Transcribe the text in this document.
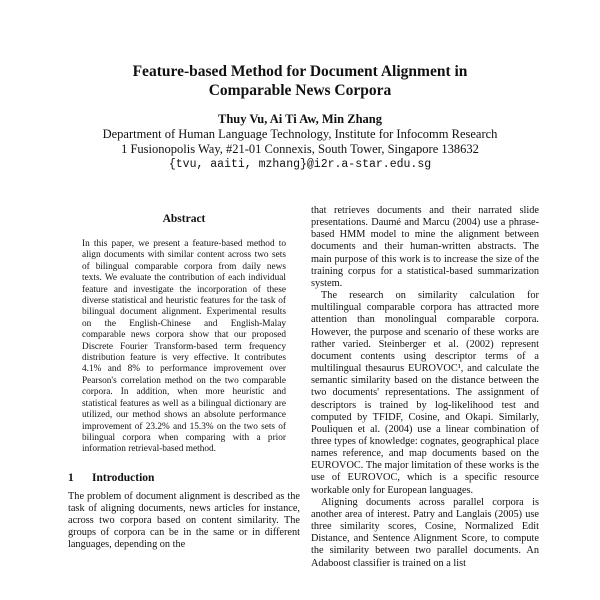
Feature-based Method for Document Alignment in
Comparable News Corpora
Thuy Vu, Ai Ti Aw, Min Zhang
Department of Human Language Technology, Institute for Infocomm Research
1 Fusionopolis Way, #21-01 Connexis, South Tower, Singapore 138632
{tvu, aaiti, mzhang}@i2r.a-star.edu.sg
Abstract
In this paper, we present a feature-based method to align documents with similar content across two sets of bilingual comparable corpora from daily news texts. We evaluate the contribution of each individual feature and investigate the incorporation of these diverse statistical and heuristic features for the task of bilingual document alignment. Experimental results on the English-Chinese and English-Malay comparable news corpora show that our proposed Discrete Fourier Transform-based term frequency distribution feature is very effective. It contributes 4.1% and 8% to performance improvement over Pearson's correlation method on the two comparable corpora. In addition, when more heuristic and statistical features as well as a bilingual dictionary are utilized, our method shows an absolute performance improvement of 23.2% and 15.3% on the two sets of bilingual corpora when comparing with a prior information retrieval-based method.
1	Introduction

The problem of document alignment is described as the task of aligning documents, news articles for instance, across two corpora based on content similarity. The groups of corpora can be in the same or in different languages, depending on the

that retrieves documents and their narrated slide presentations. Daumé and Marcu (2004) use a phrase-based HMM model to mine the alignment between documents and their human-written abstracts. The main purpose of this work is to increase the size of the training corpus for a statistical-based summarization system.

The research on similarity calculation for multilingual comparable corpora has attracted more attention than monolingual comparable corpora. However, the purpose and scenario of these works are rather varied. Steinberger et al. (2002) represent document contents using descriptor terms of a multilingual thesaurus EUROVOC¹, and calculate the semantic similarity based on the distance between the two documents' representations. The assignment of descriptors is trained by log-likelihood test and computed by TFIDF, Cosine, and Okapi. Similarly, Pouliquen et al. (2004) use a linear combination of three types of knowledge: cognates, geographical place names reference, and map documents based on the EUROVOC. The major limitation of these works is the use of EUROVOC, which is a specific resource workable only for European languages.

Aligning documents across parallel corpora is another area of interest. Patry and Langlais (2005) use three similarity scores, Cosine, Normalized Edit Distance, and Sentence Alignment Score, to compute the similarity between two parallel documents. An Adaboost classifier is trained on a list
